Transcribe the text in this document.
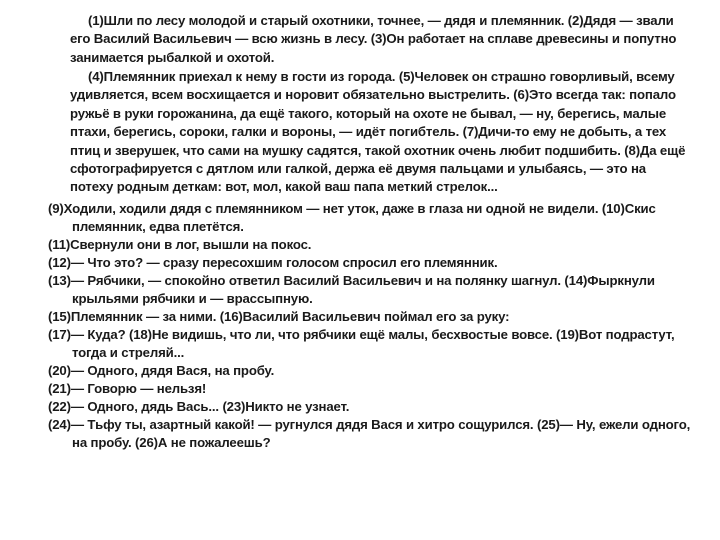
(1)Шли по лесу молодой и старый охотники, точнее, — дядя и племянник. (2)Дядя — звали его Василий Васильевич — всю жизнь в лесу. (3)Он работает на сплаве древесины и попутно занимается рыбалкой и охотой.

(4)Племянник приехал к нему в гости из города. (5)Человек он страшно говорливый, всему удивляется, всем восхищается и норовит обязательно выстрелить. (6)Это всегда так: попало ружьё в руки горожанина, да ещё такого, который на охоте не бывал, — ну, берегись, малые птахи, берегись, сороки, галки и вороны, — идёт погибтель. (7)Дичи-то ему не добыть, а тех птиц и зверушек, что сами на мушку садятся, такой охотник очень любит подшибить. (8)Да ещё сфотографируется с дятлом или галкой, держа её двумя пальцами и улыбаясь, — это на потеху родным деткам: вот, мол, какой ваш папа меткий стрелок...

(9)Ходили, ходили дядя с племянником — нет уток, даже в глаза ни одной не видели. (10)Скис племянник, едва плетётся.

(11)Свернули они в лог, вышли на покос.

(12)— Что это? — сразу пересохшим голосом спросил его племянник.

(13)— Рябчики, — спокойно ответил Василий Васильевич и на полянку шагнул. (14)Фыркнули крыльями рябчики и — врассыпную.

(15)Племянник — за ними. (16)Василий Васильевич поймал его за руку:

(17)— Куда? (18)Не видишь, что ли, что рябчики ещё малы, бесхвостые вовсе. (19)Вот подрастут, тогда и стреляй...

(20)— Одного, дядя Вася, на пробу.

(21)— Говорю — нельзя!

(22)— Одного, дядь Вась... (23)Никто не узнает.

(24)— Тьфу ты, азартный какой! — ругнулся дядя Вася и хитро сощурился. (25)— Ну, ежели одного, на пробу. (26)А не пожалеешь?
